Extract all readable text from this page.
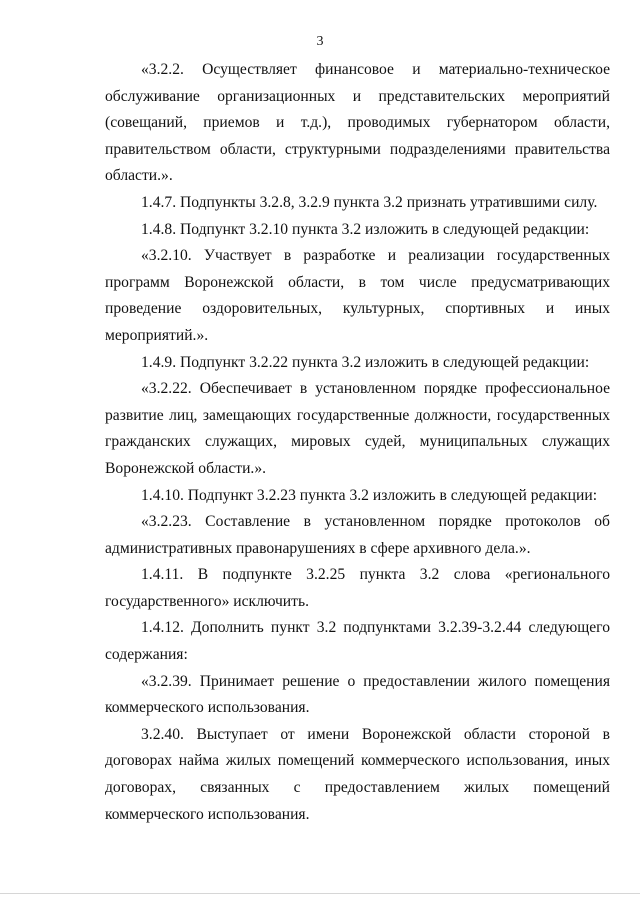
3

«3.2.2. Осуществляет финансовое и материально-техническое обслуживание организационных и представительских мероприятий (совещаний, приемов и т.д.), проводимых губернатором области, правительством области, структурными подразделениями правительства области.».

1.4.7. Подпункты 3.2.8, 3.2.9 пункта 3.2 признать утратившими силу.

1.4.8. Подпункт 3.2.10 пункта 3.2 изложить в следующей редакции:

«3.2.10. Участвует в разработке и реализации государственных программ Воронежской области, в том числе предусматривающих проведение оздоровительных, культурных, спортивных и иных мероприятий.».

1.4.9. Подпункт 3.2.22 пункта 3.2 изложить в следующей редакции:

«3.2.22. Обеспечивает в установленном порядке профессиональное развитие лиц, замещающих государственные должности, государственных гражданских служащих, мировых судей, муниципальных служащих Воронежской области.».

1.4.10. Подпункт 3.2.23 пункта 3.2 изложить в следующей редакции:

«3.2.23. Составление в установленном порядке протоколов об административных правонарушениях в сфере архивного дела.».

1.4.11. В подпункте 3.2.25 пункта 3.2 слова «регионального государственного» исключить.

1.4.12. Дополнить пункт 3.2 подпунктами 3.2.39-3.2.44 следующего содержания:

«3.2.39. Принимает решение о предоставлении жилого помещения коммерческого использования.

3.2.40. Выступает от имени Воронежской области стороной в договорах найма жилых помещений коммерческого использования, иных договорах, связанных с предоставлением жилых помещений коммерческого использования.
